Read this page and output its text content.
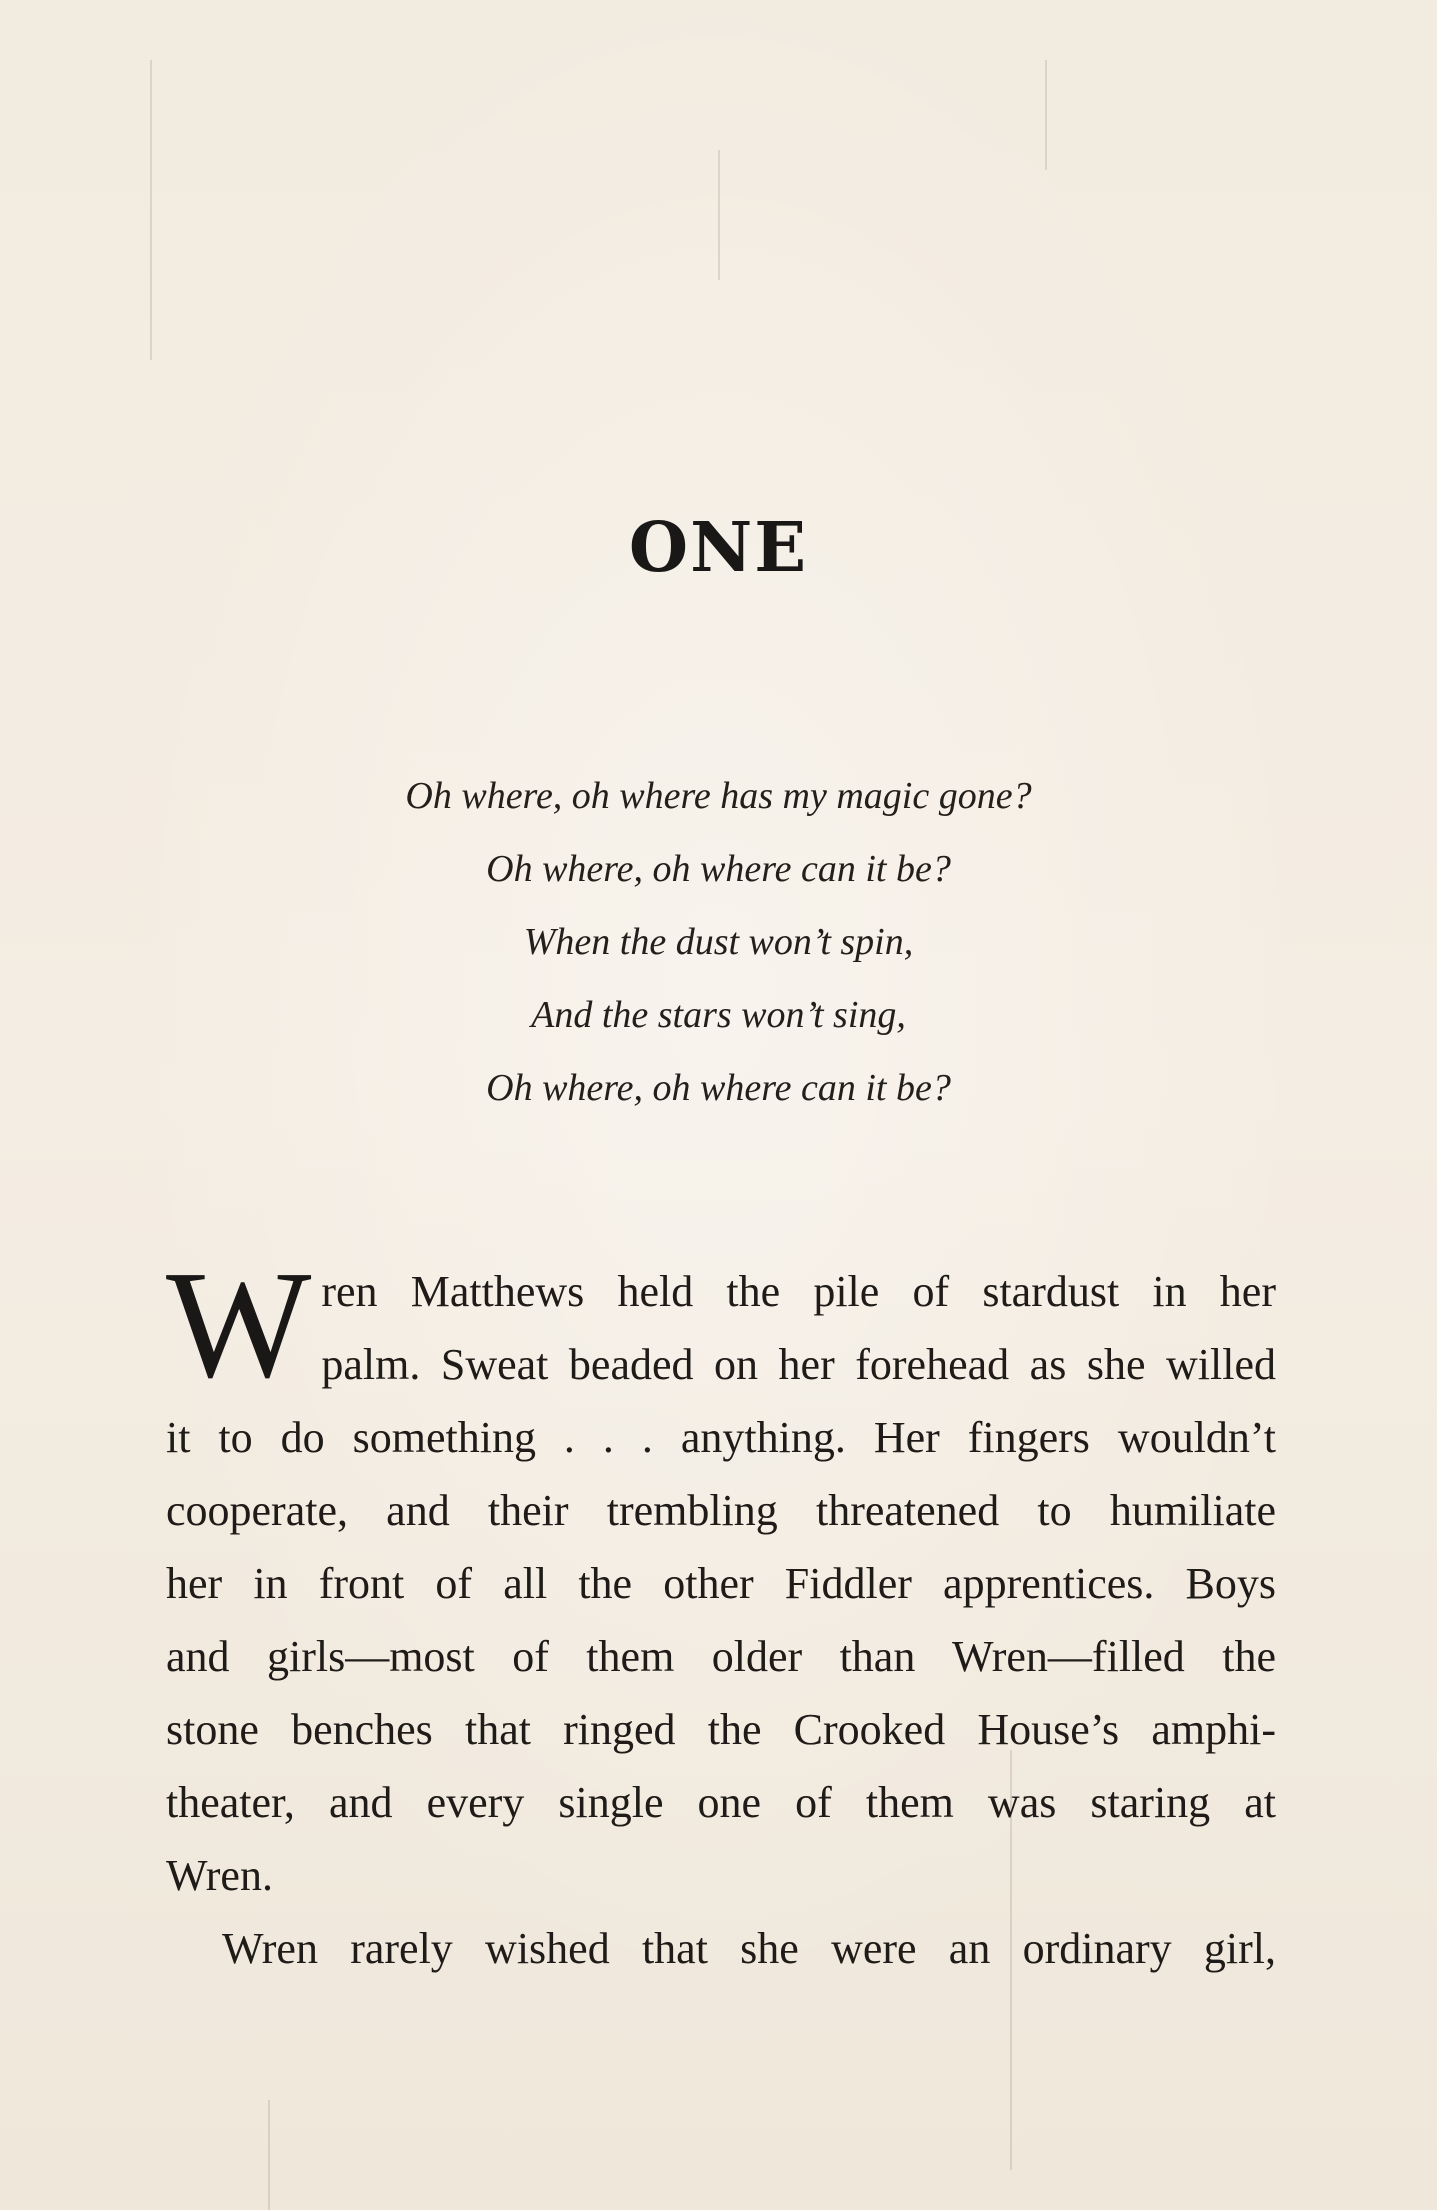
ONE
Oh where, oh where has my magic gone?
Oh where, oh where can it be?
When the dust won’t spin,
And the stars won’t sing,
Oh where, oh where can it be?
W ren Matthews held the pile of stardust in her
palm. Sweat beaded on her forehead as she willed
it to do something . . . anything. Her fingers wouldn’t
cooperate, and their trembling threatened to humiliate
her in front of all the other Fiddler apprentices. Boys
and girls—most of them older than Wren—filled the
stone benches that ringed the Crooked House’s amphi-
theater, and every single one of them was staring at
Wren.
Wren rarely wished that she were an ordinary girl,
